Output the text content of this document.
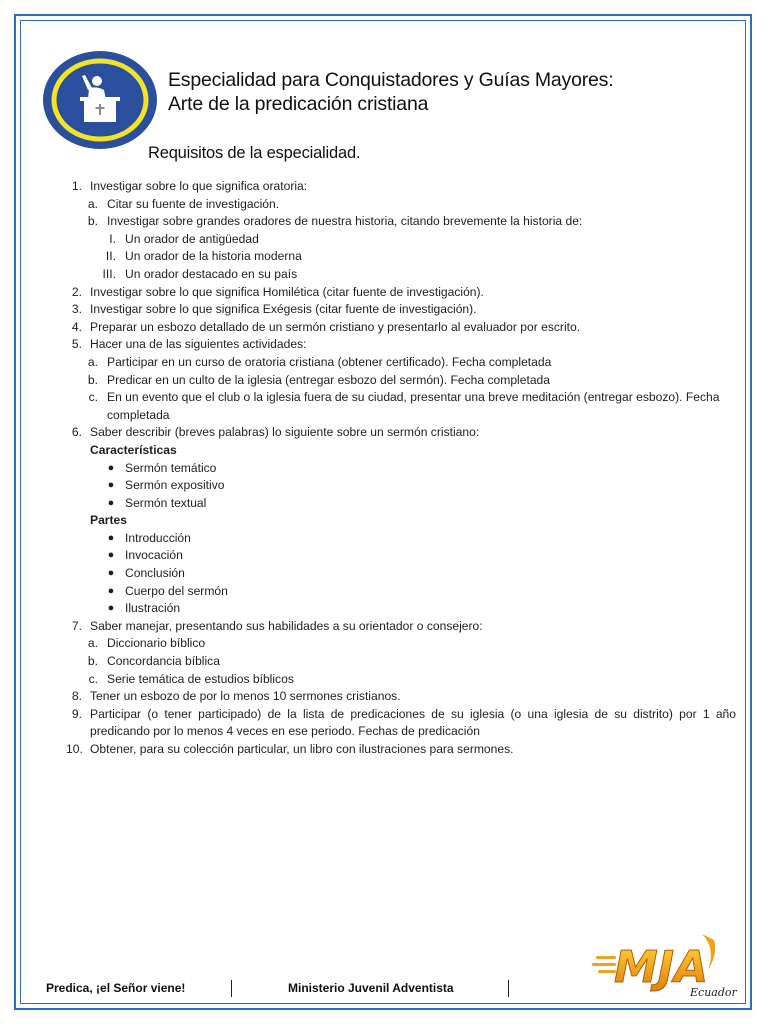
Especialidad para Conquistadores y Guías Mayores:
Arte de la predicación cristiana
Requisitos de la especialidad.
1. Investigar sobre lo que significa oratoria:
a. Citar su fuente de investigación.
b. Investigar sobre grandes oradores de nuestra historia, citando brevemente la historia de:
I. Un orador de antigüedad
II. Un orador de la historia moderna
III. Un orador destacado en su país
2. Investigar sobre lo que significa Homilética (citar fuente de investigación).
3. Investigar sobre lo que significa Exégesis (citar fuente de investigación).
4. Preparar un esbozo detallado de un sermón cristiano y presentarlo al evaluador por escrito.
5. Hacer una de las siguientes actividades:
a. Participar en un curso de oratoria cristiana (obtener certificado). Fecha completada
b. Predicar en un culto de la iglesia (entregar esbozo del sermón). Fecha completada
c. En un evento que el club o la iglesia fuera de su ciudad, presentar una breve meditación (entregar esbozo). Fecha completada
6. Saber describir (breves palabras) lo siguiente sobre un sermón cristiano:
Características
● Sermón temático
● Sermón expositivo
● Sermón textual
Partes
● Introducción
● Invocación
● Conclusión
● Cuerpo del sermón
● Ilustración
7. Saber manejar, presentando sus habilidades a su orientador o consejero:
a. Diccionario bíblico
b. Concordancia bíblica
c. Serie temática de estudios bíblicos
8. Tener un esbozo de por lo menos 10 sermones cristianos.
9. Participar (o tener participado) de la lista de predicaciones de su iglesia (o una iglesia de su distrito) por 1 año predicando por lo menos 4 veces en ese periodo. Fechas de predicación
10. Obtener, para su colección particular, un libro con ilustraciones para sermones.
Predica, ¡el Señor viene!	Ministerio Juvenil Adventista	MJA
Ecuador
